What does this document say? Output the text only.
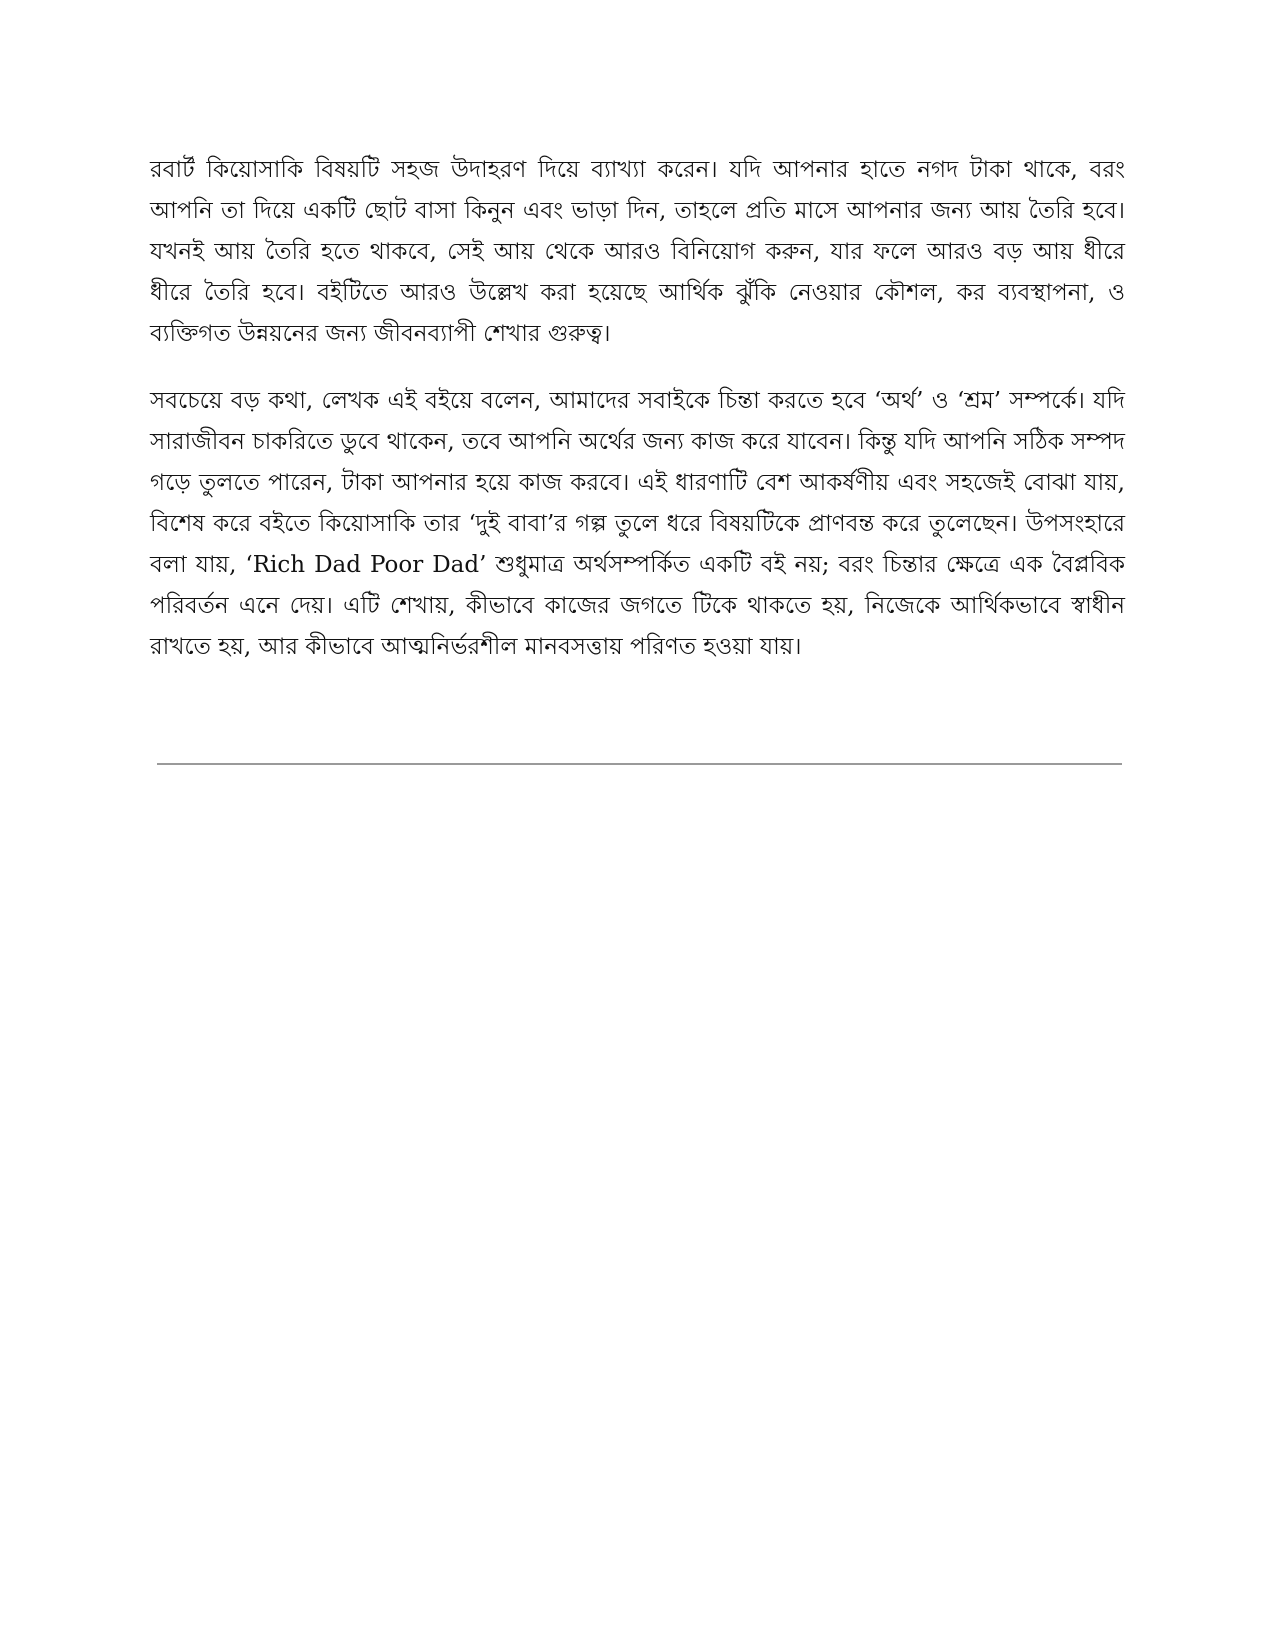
রবার্ট কিয়োসাকি বিষয়টি সহজ উদাহরণ দিয়ে ব্যাখ্যা করেন। যদি আপনার হাতে নগদ টাকা থাকে, বরং আপনি তা দিয়ে একটি ছোট বাসা কিনুন এবং ভাড়া দিন, তাহলে প্রতি মাসে আপনার জন্য আয় তৈরি হবে। যখনই আয় তৈরি হতে থাকবে, সেই আয় থেকে আরও বিনিয়োগ করুন, যার ফলে আরও বড় আয় ধীরে ধীরে তৈরি হবে। বইটিতে আরও উল্লেখ করা হয়েছে আর্থিক ঝুঁকি নেওয়ার কৌশল, কর ব্যবস্থাপনা, ও ব্যক্তিগত উন্নয়নের জন্য জীবনব্যাপী শেখার গুরুত্ব।

সবচেয়ে বড় কথা, লেখক এই বইয়ে বলেন, আমাদের সবাইকে চিন্তা করতে হবে ‘অর্থ’ ও ‘শ্রম’ সম্পর্কে। যদি সারাজীবন চাকরিতে ডুবে থাকেন, তবে আপনি অর্থের জন্য কাজ করে যাবেন। কিন্তু যদি আপনি সঠিক সম্পদ গড়ে তুলতে পারেন, টাকা আপনার হয়ে কাজ করবে। এই ধারণাটি বেশ আকর্ষণীয় এবং সহজেই বোঝা যায়, বিশেষ করে বইতে কিয়োসাকি তার ‘দুই বাবা’র গল্প তুলে ধরে বিষয়টিকে প্রাণবন্ত করে তুলেছেন। উপসংহারে বলা যায়, ‘Rich Dad Poor Dad’ শুধুমাত্র অর্থসম্পর্কিত একটি বই নয়; বরং চিন্তার ক্ষেত্রে এক বৈপ্লবিক পরিবর্তন এনে দেয়। এটি শেখায়, কীভাবে কাজের জগতে টিকে থাকতে হয়, নিজেকে আর্থিকভাবে স্বাধীন রাখতে হয়, আর কীভাবে আত্মনির্ভরশীল মানবসত্তায় পরিণত হওয়া যায়।
